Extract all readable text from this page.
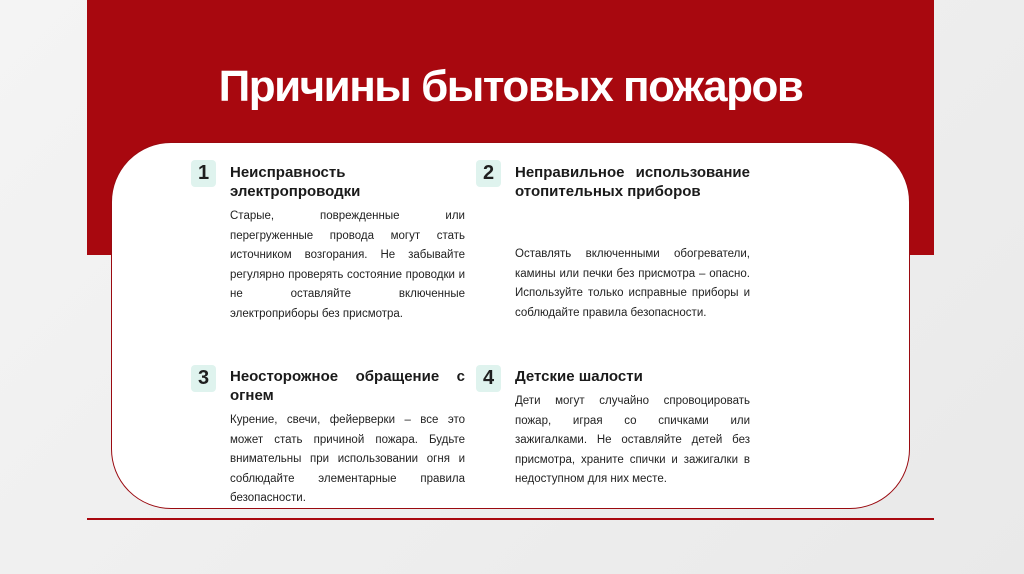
Причины бытовых пожаров
1	Неисправность электропроводки
Старые, поврежденные или перегруженные провода могут стать источником возгорания. Не забывайте регулярно проверять состояние проводки и не оставляйте включенные электроприборы без присмотра.
2	Неправильное использование отопительных приборов
Оставлять включенными обогреватели, камины или печки без присмотра – опасно. Используйте только исправные приборы и соблюдайте правила безопасности.
3	Неосторожное обращение с огнем
Курение, свечи, фейерверки – все это может стать причиной пожара. Будьте внимательны при использовании огня и соблюдайте элементарные правила безопасности.
4	Детские шалости
Дети могут случайно спровоцировать пожар, играя со спичками или зажигалками. Не оставляйте детей без присмотра, храните спички и зажигалки в недоступном для них месте.
